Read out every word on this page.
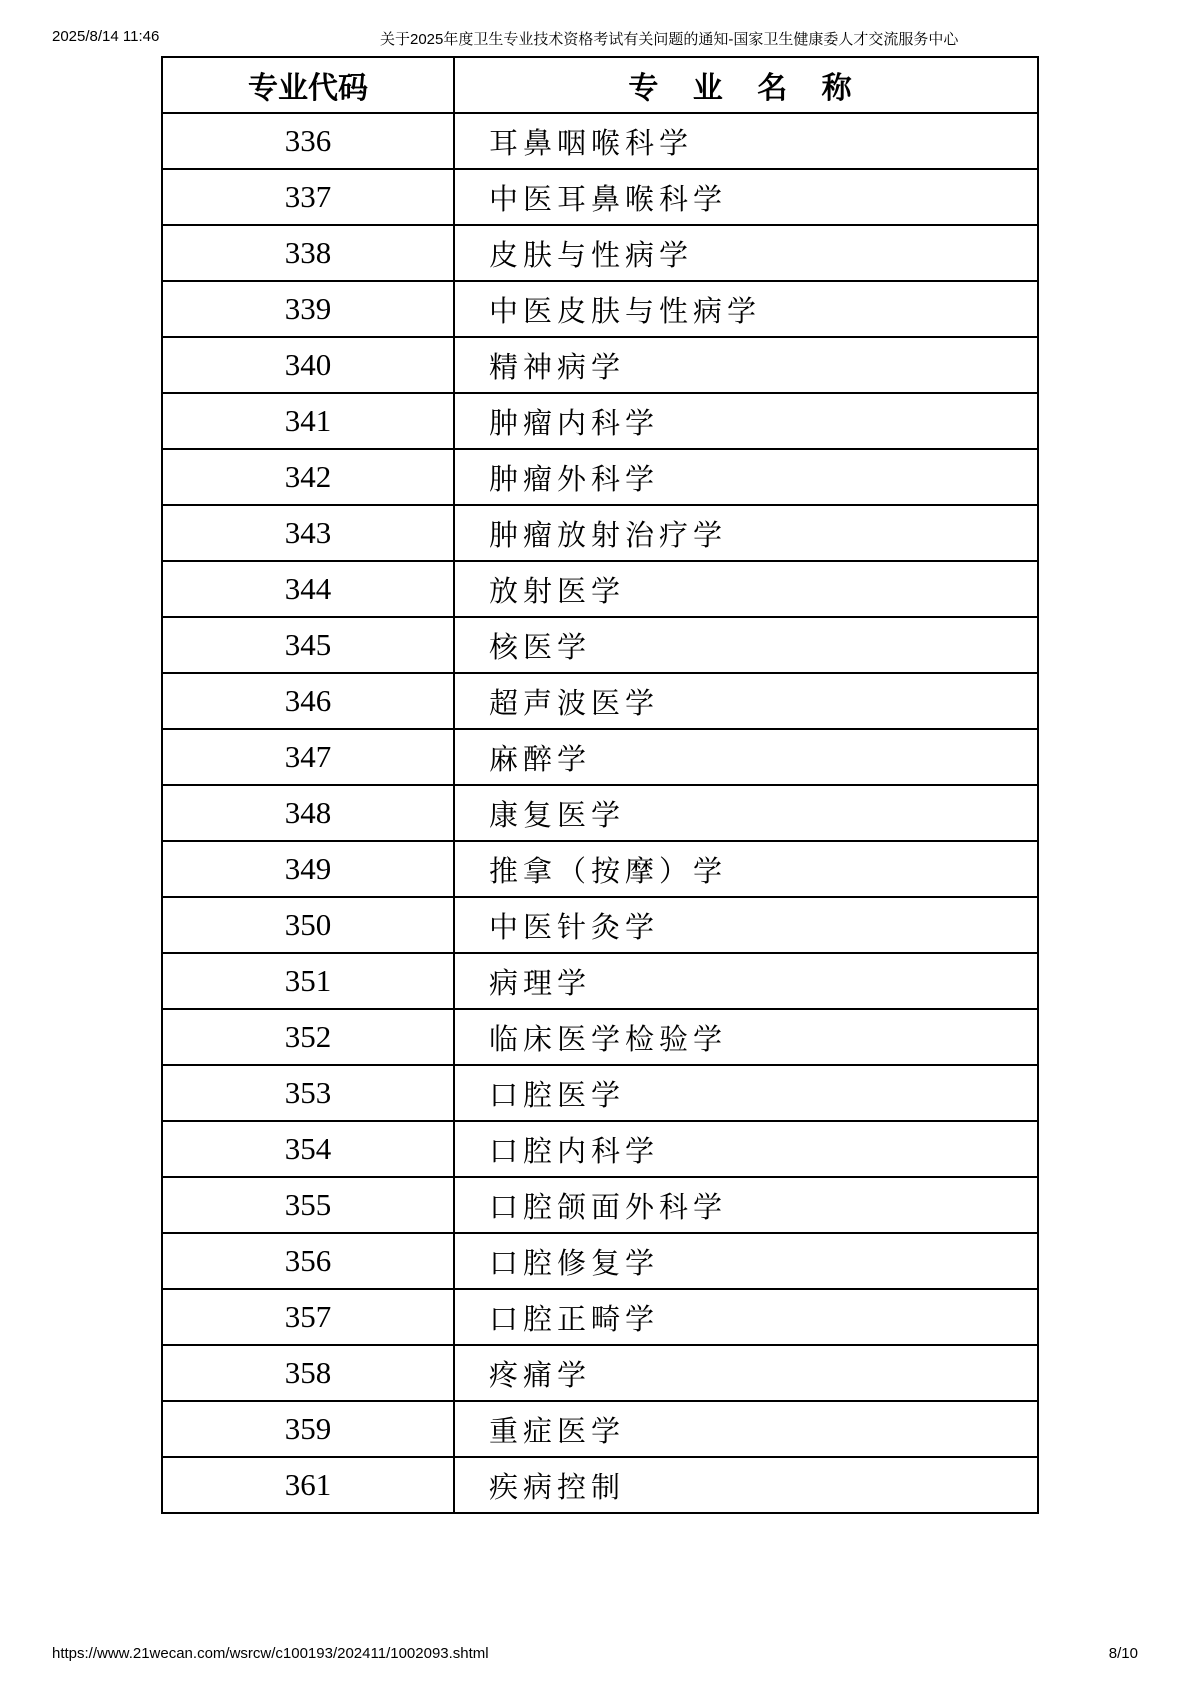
2025/8/14 11:46	关于2025年度卫生专业技术资格考试有关问题的通知-国家卫生健康委人才交流服务中心
专业代码	专 业 名 称
336	耳鼻咽喉科学
337	中医耳鼻喉科学
338	皮肤与性病学
339	中医皮肤与性病学
340	精神病学
341	肿瘤内科学
342	肿瘤外科学
343	肿瘤放射治疗学
344	放射医学
345	核医学
346	超声波医学
347	麻醉学
348	康复医学
349	推拿（按摩）学
350	中医针灸学
351	病理学
352	临床医学检验学
353	口腔医学
354	口腔内科学
355	口腔颌面外科学
356	口腔修复学
357	口腔正畸学
358	疼痛学
359	重症医学
361	疾病控制
https://www.21wecan.com/wsrcw/c100193/202411/1002093.shtml	8/10
